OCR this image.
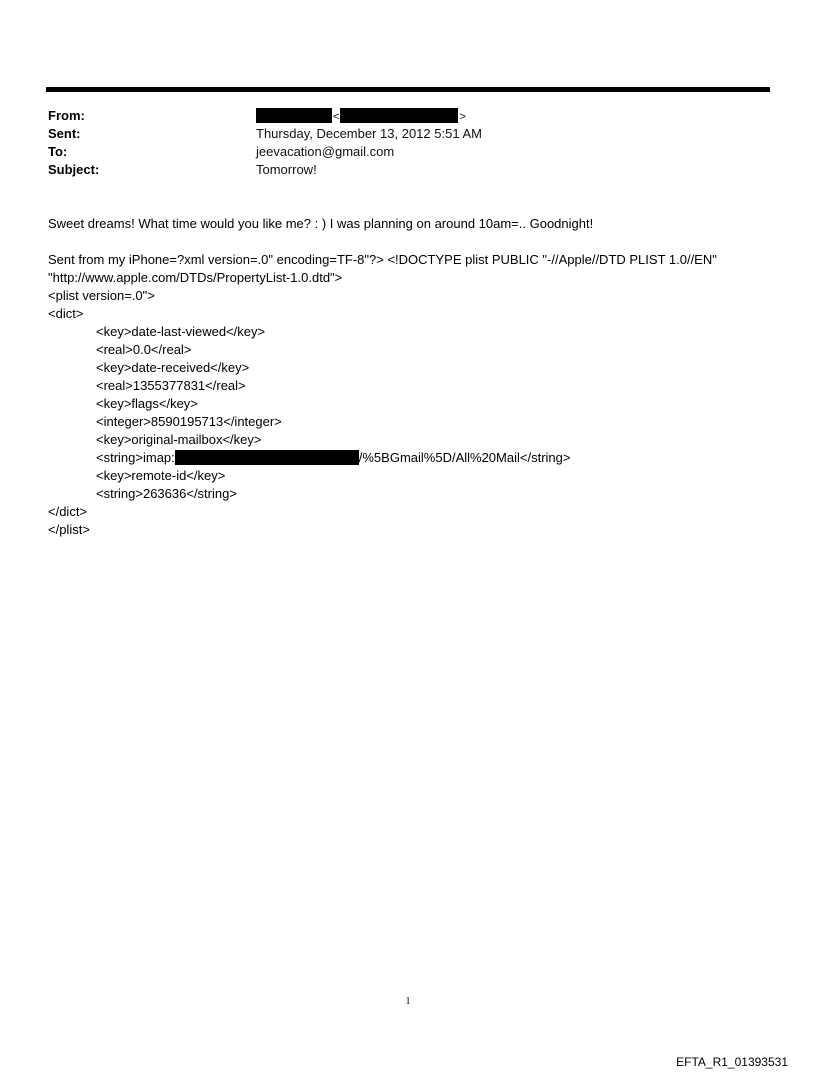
From:	<	>
Sent:	Thursday, December 13, 2012 5:51 AM
To:	jeevacation@gmail.com
Subject:	Tomorrow!

Sweet dreams! What time would you like me? : ) I was planning on around 10am=.. Goodnight!

Sent from my iPhone=?xml version=.0" encoding=TF-8"?> <!DOCTYPE plist PUBLIC "-//Apple//DTD PLIST 1.0//EN"

"http://www.apple.com/DTDs/PropertyList-1.0.dtd">

<plist version=.0">

<dict>

<key>date-last-viewed</key>

<real>0.0</real>

<key>date-received</key>

<real>1355377831</real>

<key>flags</key>

<integer>8590195713</integer>

<key>original-mailbox</key>

<string>imap:	/%5BGmail%5D/All%20Mail</string>

<key>remote-id</key>

<string>263636</string>

</dict>

</plist>

1
EFTA_R1_01393531
